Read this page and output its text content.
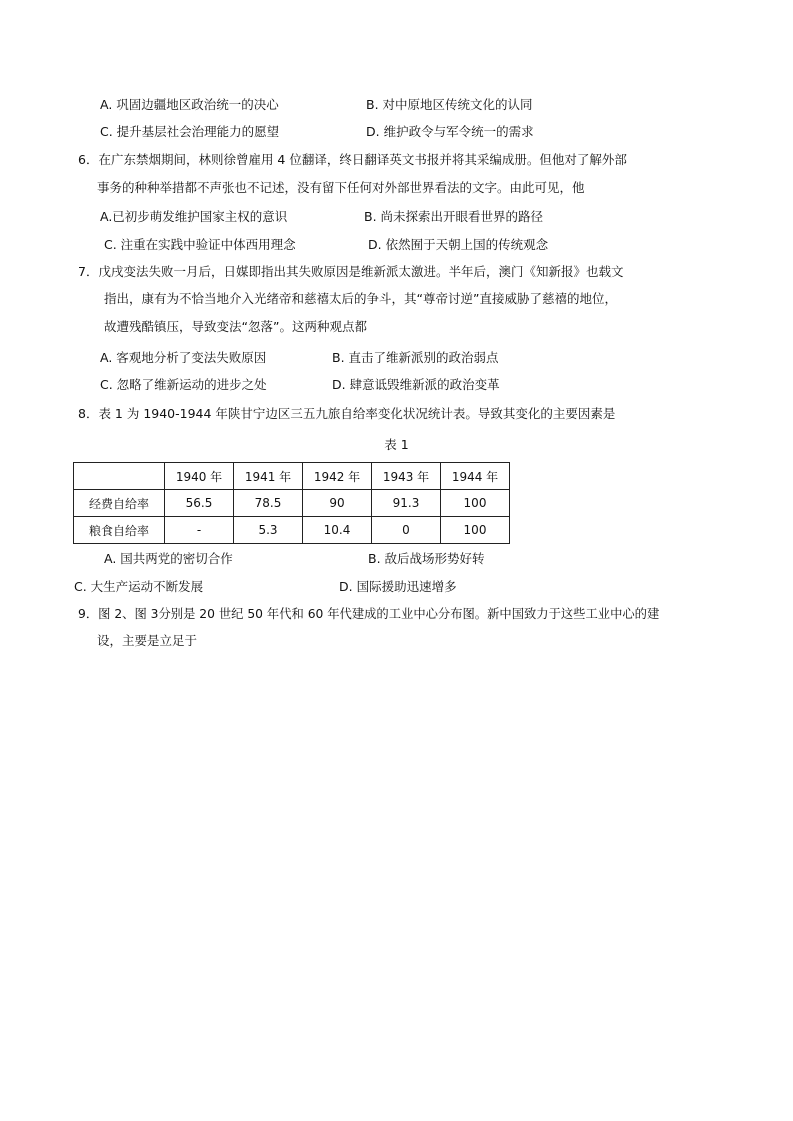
A. 巩固边疆地区政治统一的决心	B. 对中原地区传统文化的认同
C. 提升基层社会治理能力的愿望	D. 维护政令与军令统一的需求
6．在广东禁烟期间，林则徐曾雇用 4 位翻译，终日翻译英文书报并将其采编成册。但他对了解外部
事务的种种举措都不声张也不记述，没有留下任何对外部世界看法的文字。由此可见，他
A.已初步萌发维护国家主权的意识	B. 尚未探索出开眼看世界的路径
C. 注重在实践中验证中体西用理念	D. 依然囿于天朝上国的传统观念
7．戊戌变法失败一月后，日媒即指出其失败原因是维新派太激进。半年后，澳门《知新报》也载文
指出，康有为不恰当地介入光绪帝和慈禧太后的争斗，其“尊帝讨逆”直接威胁了慈禧的地位，
故遭残酷镇压，导致变法“忽落”。这两种观点都
A. 客观地分析了变法失败原因	B. 直击了维新派别的政治弱点
C. 忽略了维新运动的进步之处	D. 肆意诋毁维新派的政治变革
8．表 1 为 1940-1944 年陕甘宁边区三五九旅自给率变化状况统计表。导致其变化的主要因素是
表 1
	1940 年	1941 年	1942 年	1943 年	1944 年
经费自给率	56.5	78.5	90	91.3	100
粮食自给率	-	5.3	10.4	0	100
A. 国共两党的密切合作	B. 敌后战场形势好转
C. 大生产运动不断发展	D. 国际援助迅速增多
9．图 2、图 3分别是 20 世纪 50 年代和 60 年代建成的工业中心分布图。新中国致力于这些工业中心的建
设，主要是立足于
